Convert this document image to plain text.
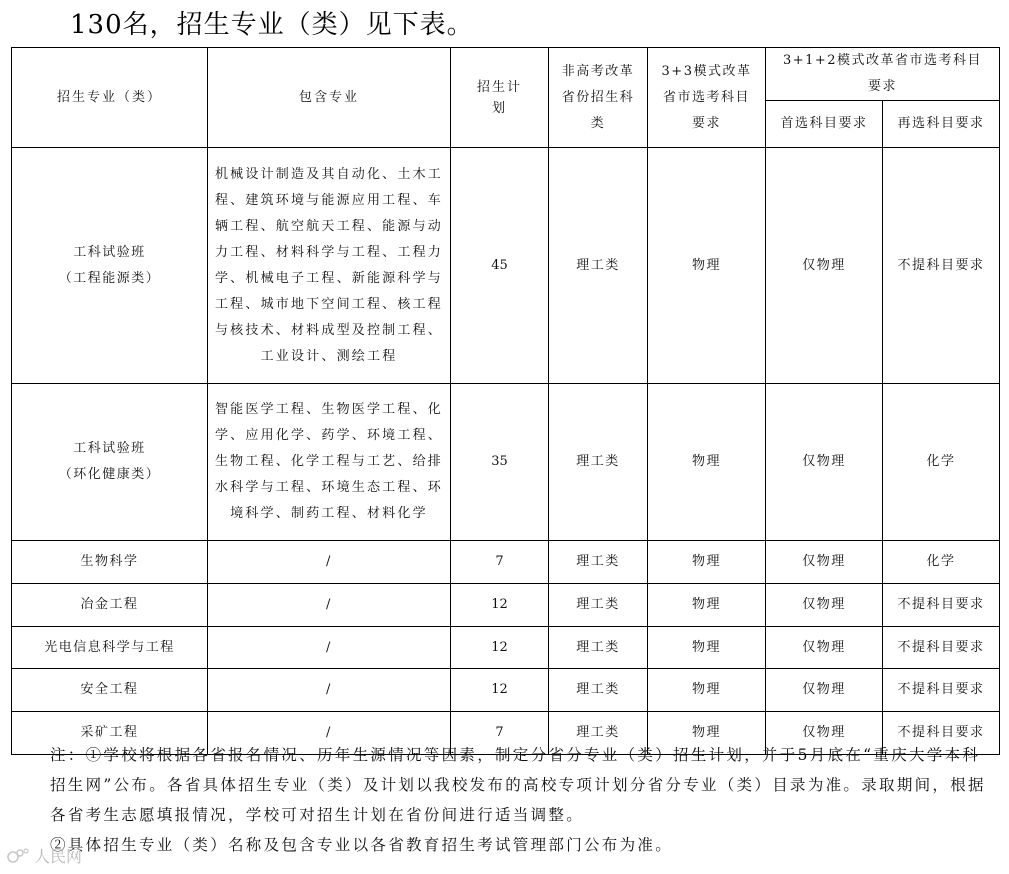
130名，招生专业（类）见下表。
招生专业（类）	包含专业	招生计划	非高考改革省份招生科类	3+3模式改革省市选考科目要求	3+1+2模式改革省市选考科目要求	
					首选科目要求	再选科目要求

工科试验班
（工程能源类）	机械设计制造及其自动化、土木工程、建筑环境与能源应用工程、车辆工程、航空航天工程、能源与动力工程、材料科学与工程、工程力学、机械电子工程、新能源科学与工程、城市地下空间工程、核工程与核技术、材料成型及控制工程、工业设计、测绘工程	45	理工类	物理	仅物理	不提科目要求

工科试验班
（环化健康类）	智能医学工程、生物医学工程、化学、应用化学、药学、环境工程、生物工程、化学工程与工艺、给排水科学与工程、环境生态工程、环境科学、制药工程、材料化学	35	理工类	物理	仅物理	化学
生物科学	/	7	理工类	物理	仅物理	化学
冶金工程	/	12	理工类	物理	仅物理	不提科目要求
光电信息科学与工程	/	12	理工类	物理	仅物理	不提科目要求
安全工程	/	12	理工类	物理	仅物理	不提科目要求
采矿工程	/	7	理工类	物理	仅物理	不提科目要求

注：①学校将根据各省报名情况、历年生源情况等因素，制定分省分专业（类）招生计划，并于5月底在“重庆大学本科招生网”公布。各省具体招生专业（类）及计划以我校发布的高校专项计划分省分专业（类）目录为准。录取期间，根据各省考生志愿填报情况，学校可对招生计划在省份间进行适当调整。

②具体招生专业（类）名称及包含专业以各省教育招生考试管理部门公布为准。

人民网
